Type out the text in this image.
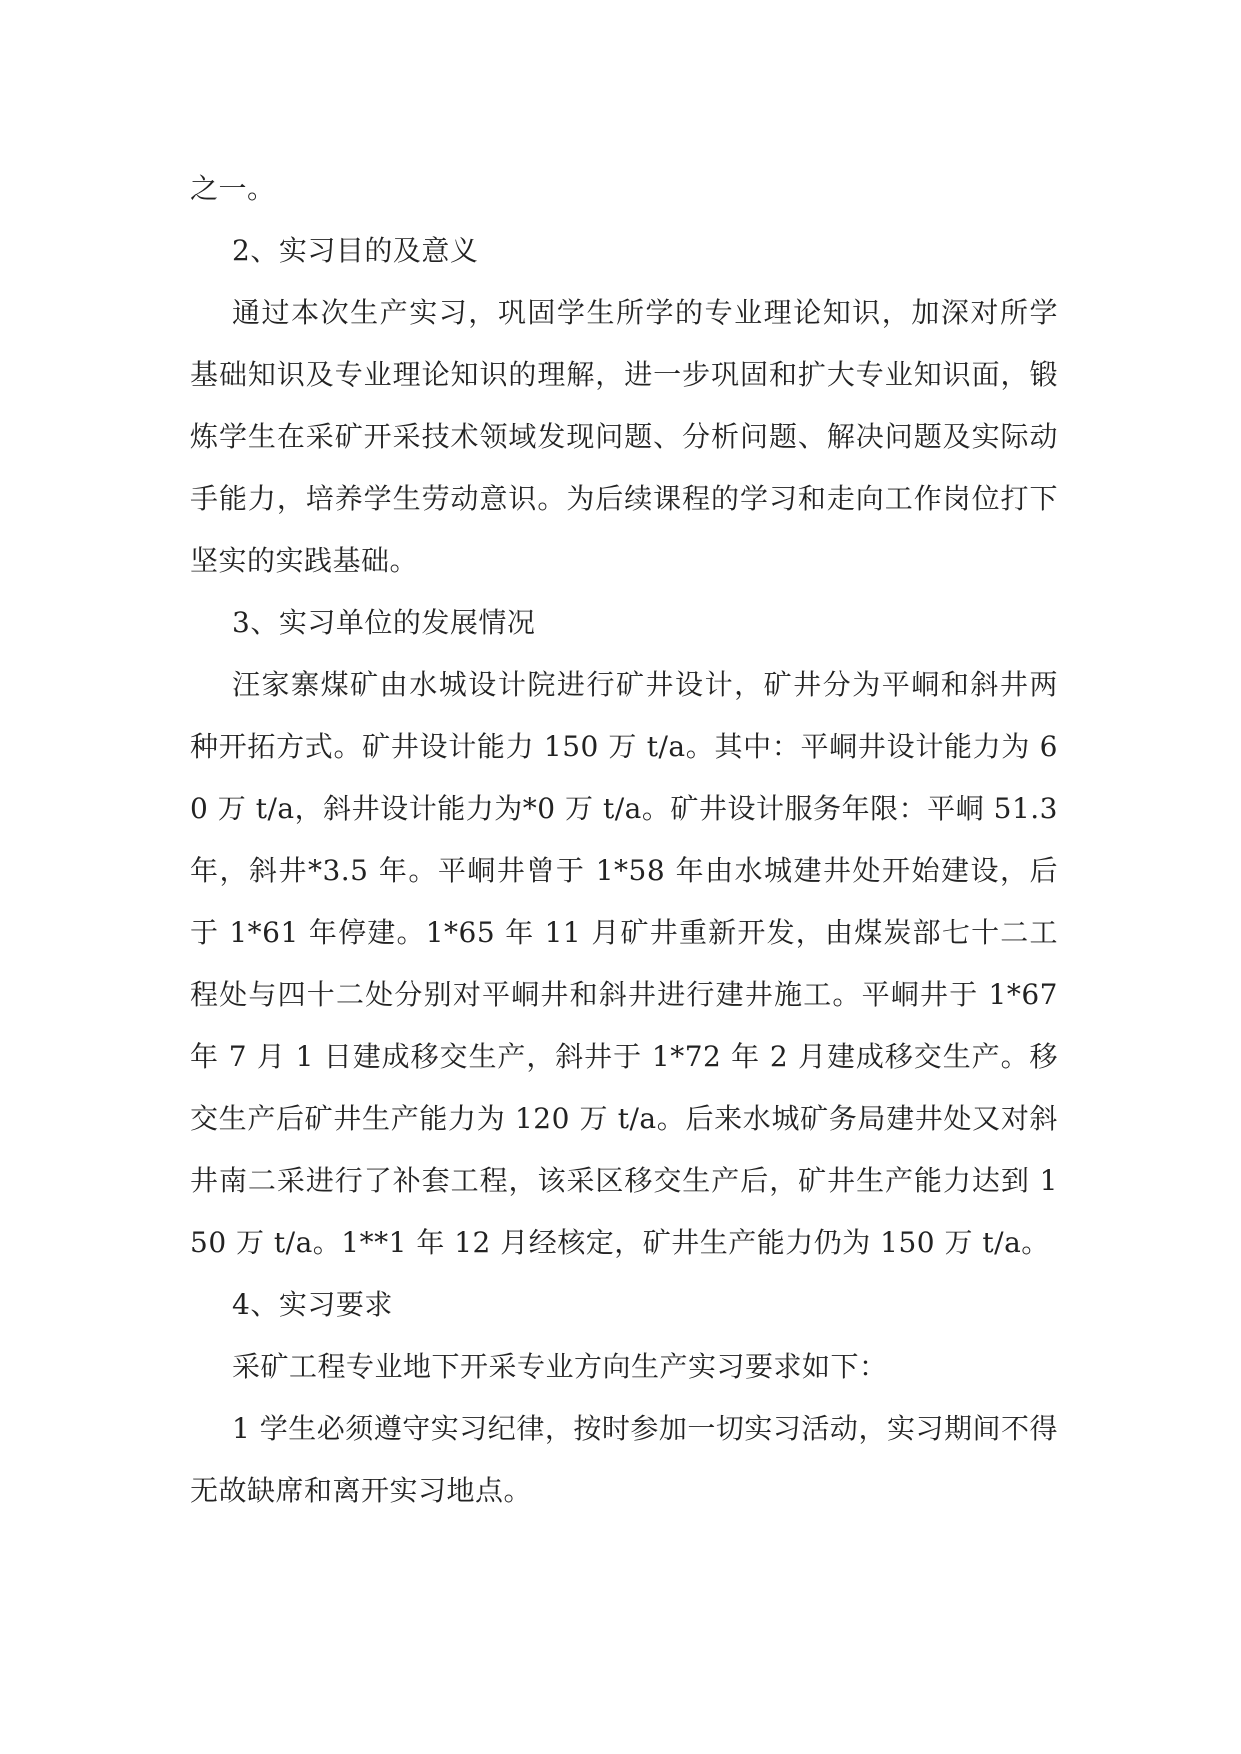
之一。

2、实习目的及意义

通过本次生产实习，巩固学生所学的专业理论知识，加深对所学基础知识及专业理论知识的理解，进一步巩固和扩大专业知识面，锻炼学生在采矿开采技术领域发现问题、分析问题、解决问题及实际动手能力，培养学生劳动意识。为后续课程的学习和走向工作岗位打下坚实的实践基础。

3、实习单位的发展情况

汪家寨煤矿由水城设计院进行矿井设计，矿井分为平峒和斜井两种开拓方式。矿井设计能力 150 万 t/a。其中：平峒井设计能力为 60 万 t/a，斜井设计能力为*0 万 t/a。矿井设计服务年限：平峒 51.3 年，斜井*3.5 年。平峒井曾于 1*58 年由水城建井处开始建设，后于 1*61 年停建。1*65 年 11 月矿井重新开发，由煤炭部七十二工程处与四十二处分别对平峒井和斜井进行建井施工。平峒井于 1*67 年 7 月 1 日建成移交生产，斜井于 1*72 年 2 月建成移交生产。移交生产后矿井生产能力为 120 万 t/a。后来水城矿务局建井处又对斜井南二采进行了补套工程，该采区移交生产后，矿井生产能力达到 150 万 t/a。1**1 年 12 月经核定，矿井生产能力仍为 150 万 t/a。

4、实习要求

采矿工程专业地下开采专业方向生产实习要求如下：

1 学生必须遵守实习纪律，按时参加一切实习活动，实习期间不得无故缺席和离开实习地点。
